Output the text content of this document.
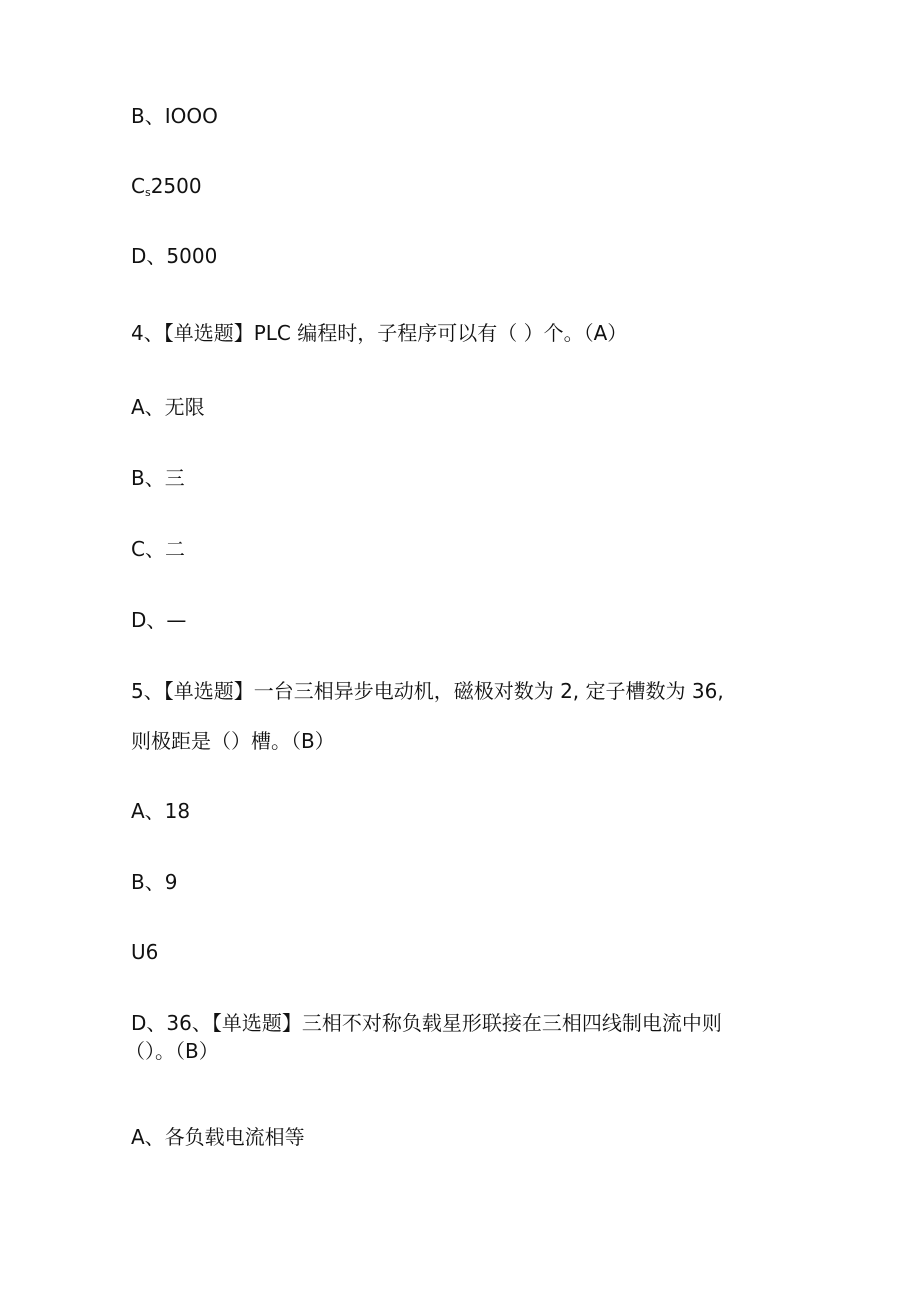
B、IOOO

$C_s2500$

D、5000

4、【单选题】PLC 编程时，子程序可以有（ ）个。（A）

A、无限

B、三

C、二

D、—

5、【单选题】一台三相异步电动机，磁极对数为 2, 定子槽数为 36,

则极距是（）槽。（B）

A、18

B、9

U6

D、36、【单选题】三相不对称负载星形联接在三相四线制电流中则

（）。（B）

A、各负载电流相等
